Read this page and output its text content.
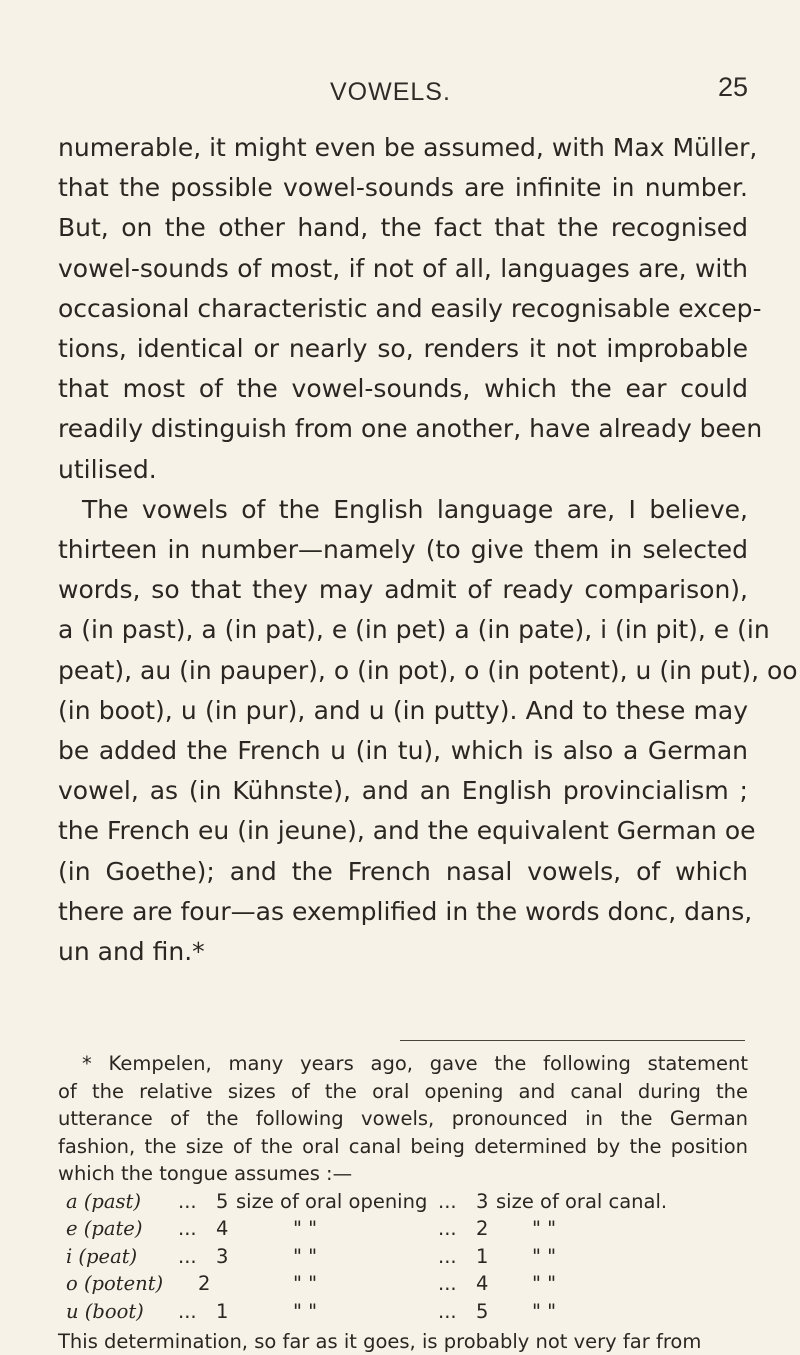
VOWELS.	25

numerable, it might even be assumed, with Max Müller,
that the possible vowel-sounds are infinite in number.
But, on the other hand, the fact that the recognised
vowel-sounds of most, if not of all, languages are, with
occasional characteristic and easily recognisable excep-
tions, identical or nearly so, renders it not improbable
that most of the vowel-sounds, which the ear could
readily distinguish from one another, have already been
utilised.

The vowels of the English language are, I believe,
thirteen in number—namely (to give them in selected
words, so that they may admit of ready comparison),
a (in past), a (in pat), e (in pet) a (in pate), i (in pit), e (in
peat), au (in pauper), o (in pot), o (in potent), u (in put), oo
(in boot), u (in pur), and u (in putty). And to these may
be added the French u (in tu), which is also a German
vowel, as (in Kühnste), and an English provincialism ;
the French eu (in jeune), and the equivalent German oe
(in Goethe); and the French nasal vowels, of which
there are four—as exemplified in the words donc, dans,
un and fin.*

* Kempelen, many years ago, gave the following statement
of the relative sizes of the oral opening and canal during the
utterance of the following vowels, pronounced in the German
fashion, the size of the oral canal being determined by the position
which the tongue assumes :—
a (past) ... 5 size of oral opening ... 3 size of oral canal.
e (pate) ... 4	" "	... 2 " "
i (peat) ... 3	" "	... 1 " "
o (potent) 2	" "	... 4 " "
u (boot) ... 1	" "	... 5 " "
This determination, so far as it goes, is probably not very far from
